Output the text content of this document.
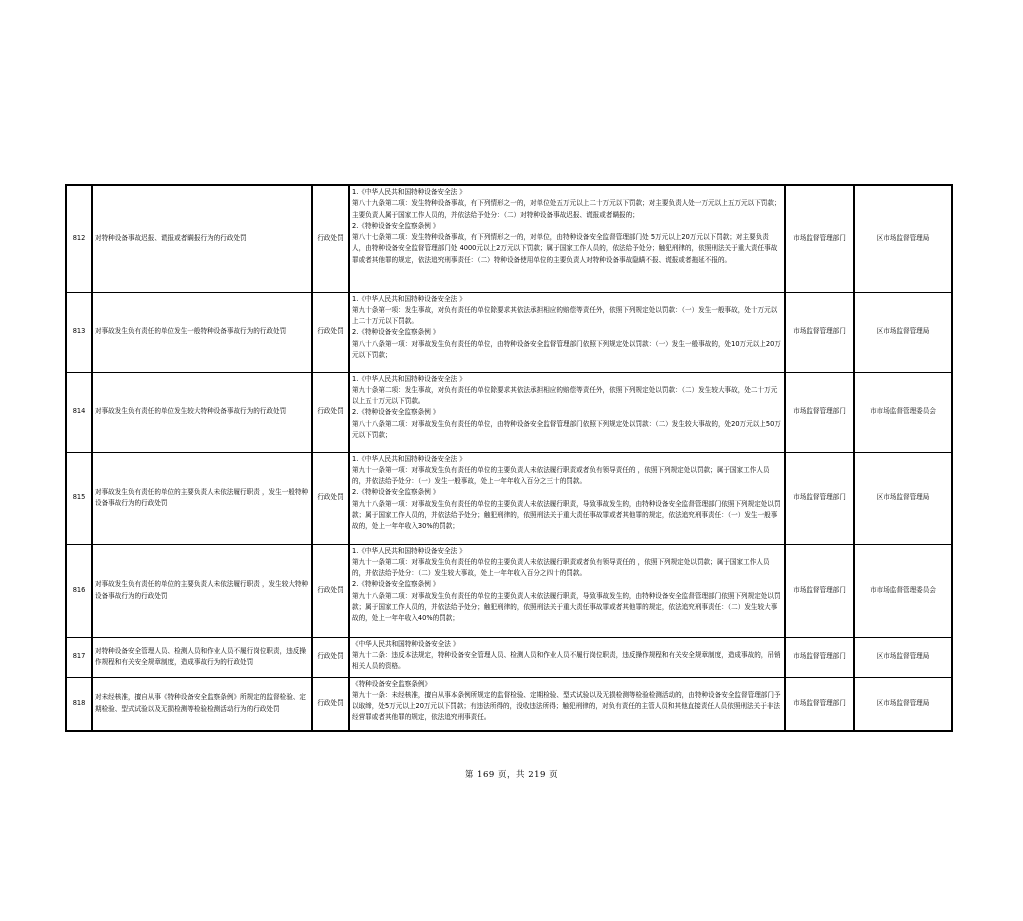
812	对特种设备事故迟报、谎报或者瞒报行为的行政处罚	行政处罚	1.《中华人民共和国特种设备安全法 》
第八十九条第二项：发生特种设备事故，有下列情形之一的，对单位处五万元以上二十万元以下罚款；对主要负责人处一万元以上五万元以下罚款；主要负责人属于国家工作人员的，并依法给予处分：（二）对特种设备事故迟报、谎报或者瞒报的；
2.《特种设备安全监察条例 》
第八十七条第二项：发生特种设备事故，有下列情形之一的，对单位，由特种设备安全监督管理部门处 5万元以上20万元以下罚款；对主要负责人，由特种设备安全监督管理部门处 4000元以上2万元以下罚款；属于国家工作人员的，依法给予处分；触犯刑律的，依照刑法关于重大责任事故罪或者其他罪的规定，依法追究刑事责任：（二）特种设备使用单位的主要负责人对特种设备事故隐瞒不报、谎报或者拖延不报的。	市场监督管理部门	区市场监督管理局
813	对事故发生负有责任的单位发生一般特种设备事故行为的行政处罚	行政处罚	1.《中华人民共和国特种设备安全法 》
第九十条第一项：发生事故，对负有责任的单位除要求其依法承担相应的赔偿等责任外，依照下列规定处以罚款：（一）发生一般事故，处十万元以上二十万元以下罚款。
2.《特种设备安全监察条例 》
第八十八条第一项：对事故发生负有责任的单位，由特种设备安全监督管理部门依照下列规定处以罚款：（一）发生一般事故的，处10万元以上20万元以下罚款；	市场监督管理部门	区市场监督管理局
814	对事故发生负有责任的单位发生较大特种设备事故行为的行政处罚	行政处罚	1.《中华人民共和国特种设备安全法 》
第九十条第二项：发生事故，对负有责任的单位除要求其依法承担相应的赔偿等责任外，依照下列规定处以罚款：（二）发生较大事故，处二十万元以上五十万元以下罚款。
2.《特种设备安全监察条例 》
第八十八条第二项：对事故发生负有责任的单位，由特种设备安全监督管理部门依照下列规定处以罚款：（二）发生较大事故的，处20万元以上50万元以下罚款；	市场监督管理部门	市市场监督管理委员会
815	对事故发生负有责任的单位的主要负责人未依法履行职责 ，发生一般特种设备事故行为的行政处罚	行政处罚	1.《中华人民共和国特种设备安全法 》
第九十一条第一项：对事故发生负有责任的单位的主要负责人未依法履行职责或者负有领导责任的 ，依照下列规定处以罚款；属于国家工作人员的，并依法给予处分：（一）发生一般事故，处上一年年收入百分之三十的罚款。
2.《特种设备安全监察条例 》
第九十八条第一项：对事故发生负有责任的单位的主要负责人未依法履行职责，导致事故发生的，由特种设备安全监督管理部门依照下列规定处以罚款；属于国家工作人员的，并依法给予处分；触犯刑律的，依照刑法关于重大责任事故罪或者其他罪的规定，依法追究刑事责任：（一）发生一般事故的，处上一年年收入30%的罚款；	市场监督管理部门	区市场监督管理局
816	对事故发生负有责任的单位的主要负责人未依法履行职责 ，发生较大特种设备事故行为的行政处罚	行政处罚	1.《中华人民共和国特种设备安全法 》
第九十一条第二项：对事故发生负有责任的单位的主要负责人未依法履行职责或者负有领导责任的 ，依照下列规定处以罚款；属于国家工作人员的，并依法给予处分：（二）发生较大事故，处上一年年收入百分之四十的罚款。
2.《特种设备安全监察条例 》
第九十八条第二项：对事故发生负有责任的单位的主要负责人未依法履行职责，导致事故发生的，由特种设备安全监督管理部门依照下列规定处以罚款；属于国家工作人员的，并依法给予处分；触犯刑律的，依照刑法关于重大责任事故罪或者其他罪的规定，依法追究刑事责任：（二）发生较大事故的，处上一年年收入40%的罚款；	市场监督管理部门	市市场监督管理委员会
817	对特种设备安全管理人员、检测人员和作业人员不履行岗位职责，违反操作规程和有关安全规章制度，造成事故行为的行政处罚	行政处罚	《中华人民共和国特种设备安全法 》
第九十二条：违反本法规定，特种设备安全管理人员、检测人员和作业人员不履行岗位职责，违反操作规程和有关安全规章制度，造成事故的，吊销相关人员的资格。	市场监督管理部门	区市场监督管理局
818	对未经核准，擅自从事《特种设备安全监察条例》所规定的监督检验、定期检验、型式试验以及无损检测等检验检测活动行为的行政处罚	行政处罚	《特种设备安全监察条例》
第九十一条：未经核准，擅自从事本条例所规定的监督检验、定期检验、型式试验以及无损检测等检验检测活动的，由特种设备安全监督管理部门予以取缔，处5万元以上20万元以下罚款；有违法所得的，没收违法所得；触犯刑律的，对负有责任的主管人员和其他直接责任人员依照刑法关于非法经营罪或者其他罪的规定，依法追究刑事责任。	市场监督管理部门	区市场监督管理局
第 169 页，共 219 页
